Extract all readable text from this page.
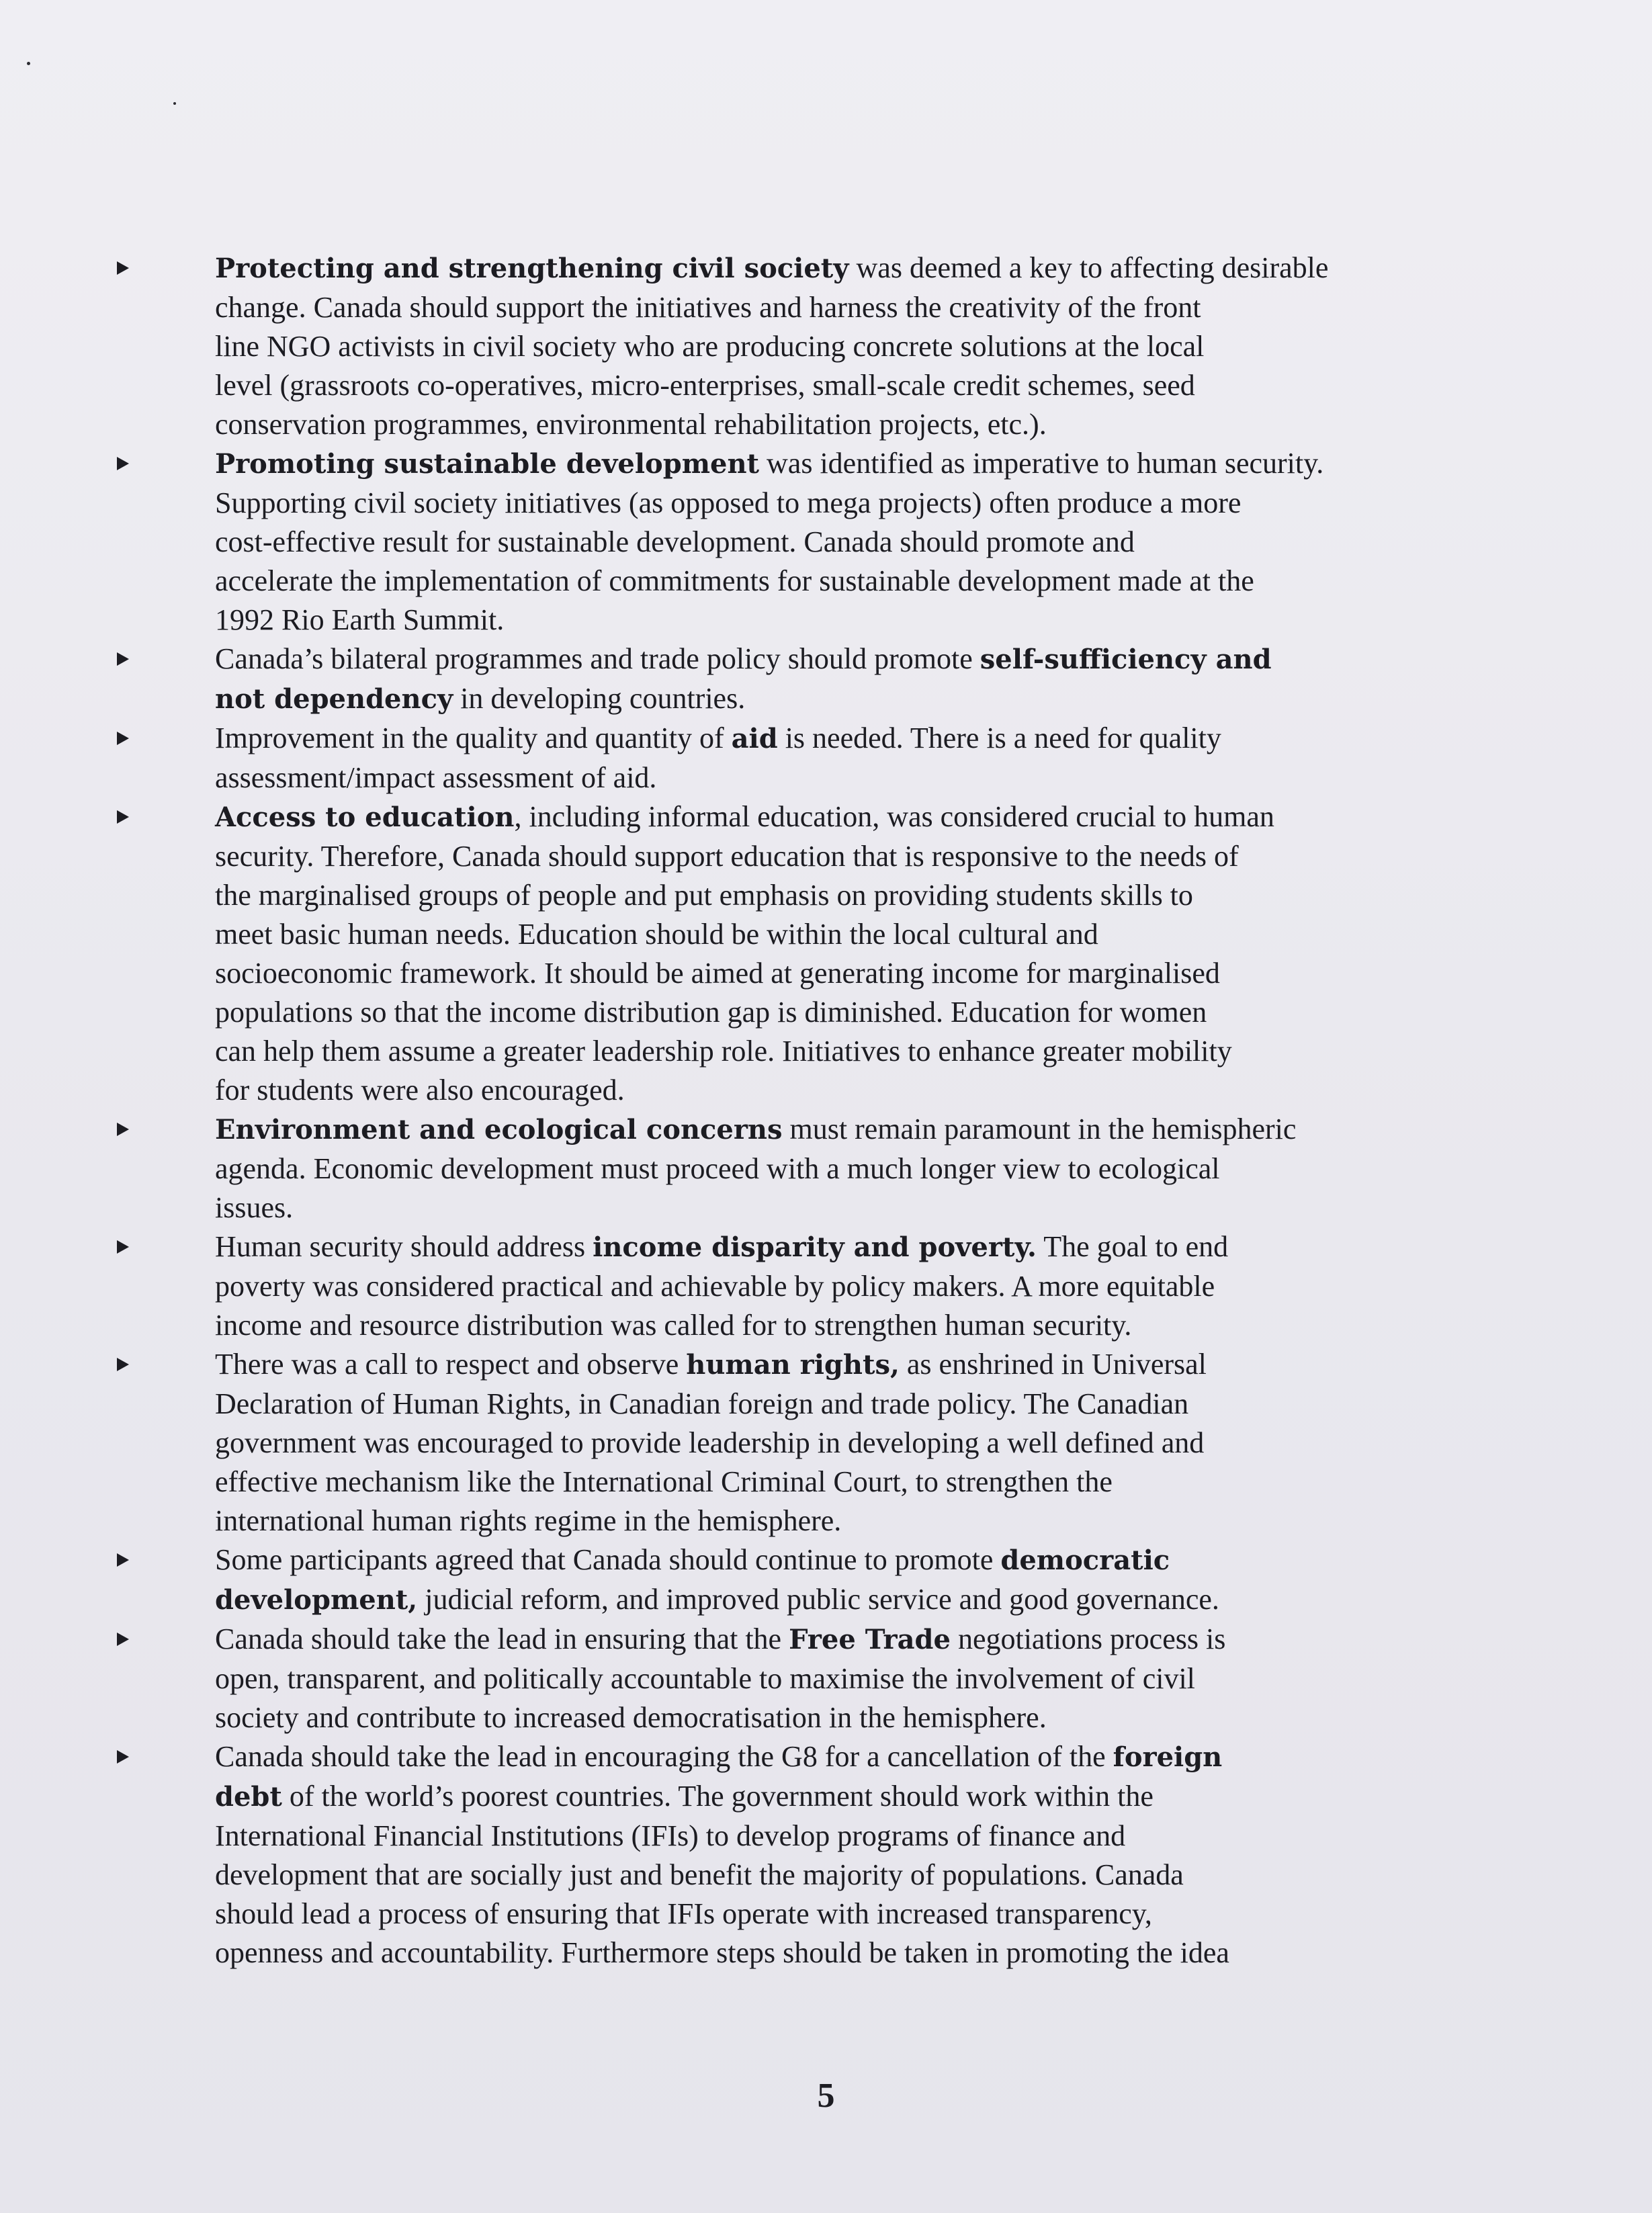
Protecting and strengthening civil society was deemed a key to affecting desirable
change. Canada should support the initiatives and harness the creativity of the front
line NGO activists in civil society who are producing concrete solutions at the local
level (grassroots co-operatives, micro-enterprises, small-scale credit schemes, seed
conservation programmes, environmental rehabilitation projects, etc.).
Promoting sustainable development was identified as imperative to human security.
Supporting civil society initiatives (as opposed to mega projects) often produce a more
cost-effective result for sustainable development. Canada should promote and
accelerate the implementation of commitments for sustainable development made at the
1992 Rio Earth Summit.
Canada’s bilateral programmes and trade policy should promote self-sufficiency and
not dependency in developing countries.
Improvement in the quality and quantity of aid is needed. There is a need for quality
assessment/impact assessment of aid.
Access to education, including informal education, was considered crucial to human
security. Therefore, Canada should support education that is responsive to the needs of
the marginalised groups of people and put emphasis on providing students skills to
meet basic human needs. Education should be within the local cultural and
socioeconomic framework. It should be aimed at generating income for marginalised
populations so that the income distribution gap is diminished. Education for women
can help them assume a greater leadership role. Initiatives to enhance greater mobility
for students were also encouraged.
Environment and ecological concerns must remain paramount in the hemispheric
agenda. Economic development must proceed with a much longer view to ecological
issues.
Human security should address income disparity and poverty. The goal to end
poverty was considered practical and achievable by policy makers. A more equitable
income and resource distribution was called for to strengthen human security.
There was a call to respect and observe human rights, as enshrined in Universal
Declaration of Human Rights, in Canadian foreign and trade policy. The Canadian
government was encouraged to provide leadership in developing a well defined and
effective mechanism like the International Criminal Court, to strengthen the
international human rights regime in the hemisphere.
Some participants agreed that Canada should continue to promote democratic
development, judicial reform, and improved public service and good governance.
Canada should take the lead in ensuring that the Free Trade negotiations process is
open, transparent, and politically accountable to maximise the involvement of civil
society and contribute to increased democratisation in the hemisphere.
Canada should take the lead in encouraging the G8 for a cancellation of the foreign
debt of the world’s poorest countries. The government should work within the
International Financial Institutions (IFIs) to develop programs of finance and
development that are socially just and benefit the majority of populations. Canada
should lead a process of ensuring that IFIs operate with increased transparency,
openness and accountability. Furthermore steps should be taken in promoting the idea
5
